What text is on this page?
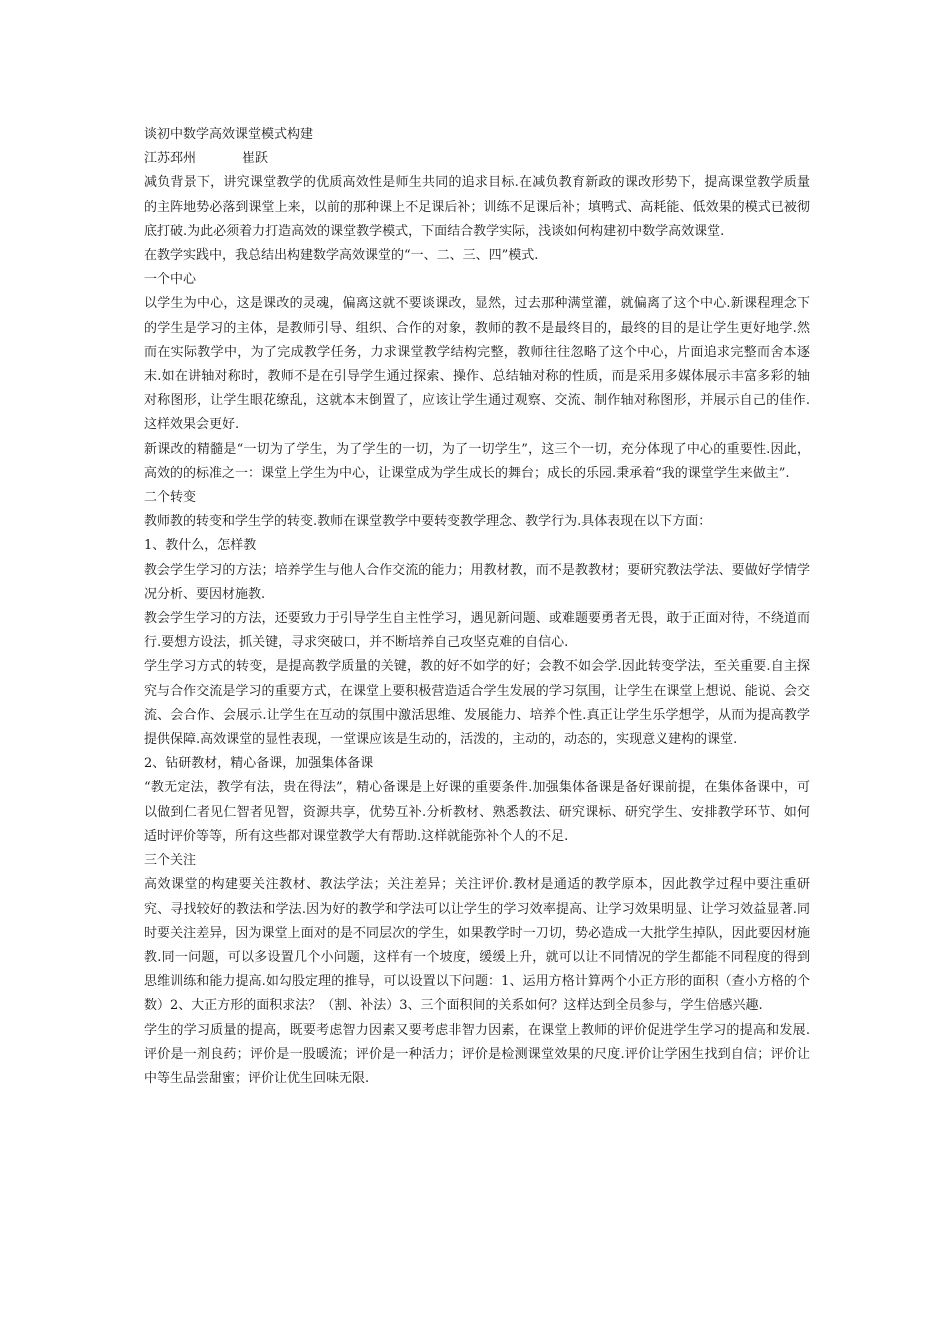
谈初中数学高效课堂模式构建

江苏邳州	崔跃

减负背景下，讲究课堂教学的优质高效性是师生共同的追求目标.在减负教育新政的课改形势下，提高课堂教学质量的主阵地势必落到课堂上来，以前的那种课上不足课后补；训练不足课后补；填鸭式、高耗能、低效果的模式已被彻底打破.为此必须着力打造高效的课堂教学模式，下面结合教学实际，浅谈如何构建初中数学高效课堂.

在教学实践中，我总结出构建数学高效课堂的“一、二、三、四”模式.

一个中心

以学生为中心，这是课改的灵魂，偏离这就不要谈课改，显然，过去那种满堂灌，就偏离了这个中心.新课程理念下的学生是学习的主体，是教师引导、组织、合作的对象，教师的教不是最终目的，最终的目的是让学生更好地学.然而在实际教学中，为了完成教学任务，力求课堂教学结构完整，教师往往忽略了这个中心，片面追求完整而舍本逐末.如在讲轴对称时，教师不是在引导学生通过探索、操作、总结轴对称的性质，而是采用多媒体展示丰富多彩的轴对称图形，让学生眼花缭乱，这就本末倒置了，应该让学生通过观察、交流、制作轴对称图形，并展示自己的佳作.这样效果会更好.

新课改的精髓是“一切为了学生，为了学生的一切，为了一切学生”，这三个一切，充分体现了中心的重要性.因此，高效的的标准之一：课堂上学生为中心，让课堂成为学生成长的舞台；成长的乐园.秉承着“我的课堂学生来做主”.

二个转变

教师教的转变和学生学的转变.教师在课堂教学中要转变教学理念、教学行为.具体表现在以下方面：

1、教什么，怎样教

教会学生学习的方法；培养学生与他人合作交流的能力；用教材教，而不是教教材；要研究教法学法、要做好学情学况分析、要因材施教.

教会学生学习的方法，还要致力于引导学生自主性学习，遇见新问题、或难题要勇者无畏，敢于正面对待，不绕道而行.要想方设法，抓关键，寻求突破口，并不断培养自己攻坚克难的自信心.

学生学习方式的转变，是提高教学质量的关键，教的好不如学的好；会教不如会学.因此转变学法，至关重要.自主探究与合作交流是学习的重要方式，在课堂上要积极营造适合学生发展的学习氛围，让学生在课堂上想说、能说、会交流、会合作、会展示.让学生在互动的氛围中激活思维、发展能力、培养个性.真正让学生乐学想学，从而为提高教学提供保障.高效课堂的显性表现，一堂课应该是生动的，活泼的，主动的，动态的，实现意义建构的课堂.

2、钻研教材，精心备课，加强集体备课

“教无定法，教学有法，贵在得法”，精心备课是上好课的重要条件.加强集体备课是备好课前提，在集体备课中，可以做到仁者见仁智者见智，资源共享，优势互补.分析教材、熟悉教法、研究课标、研究学生、安排教学环节、如何适时评价等等，所有这些都对课堂教学大有帮助.这样就能弥补个人的不足.

三个关注

高效课堂的构建要关注教材、教法学法；关注差异；关注评价.教材是通适的教学原本，因此教学过程中要注重研究、寻找较好的教法和学法.因为好的教学和学法可以让学生的学习效率提高、让学习效果明显、让学习效益显著.同时要关注差异，因为课堂上面对的是不同层次的学生，如果教学时一刀切，势必造成一大批学生掉队，因此要因材施教.同一问题，可以多设置几个小问题，这样有一个坡度，缓缓上升，就可以让不同情况的学生都能不同程度的得到思维训练和能力提高.如勾股定理的推导，可以设置以下问题：1、运用方格计算两个小正方形的面积（查小方格的个数）2、大正方形的面积求法？（割、补法）3、三个面积间的关系如何？这样达到全员参与，学生倍感兴趣.

学生的学习质量的提高，既要考虑智力因素又要考虑非智力因素，在课堂上教师的评价促进学生学习的提高和发展.评价是一剂良药；评价是一股暖流；评价是一种活力；评价是检测课堂效果的尺度.评价让学困生找到自信；评价让中等生品尝甜蜜；评价让优生回味无限.
